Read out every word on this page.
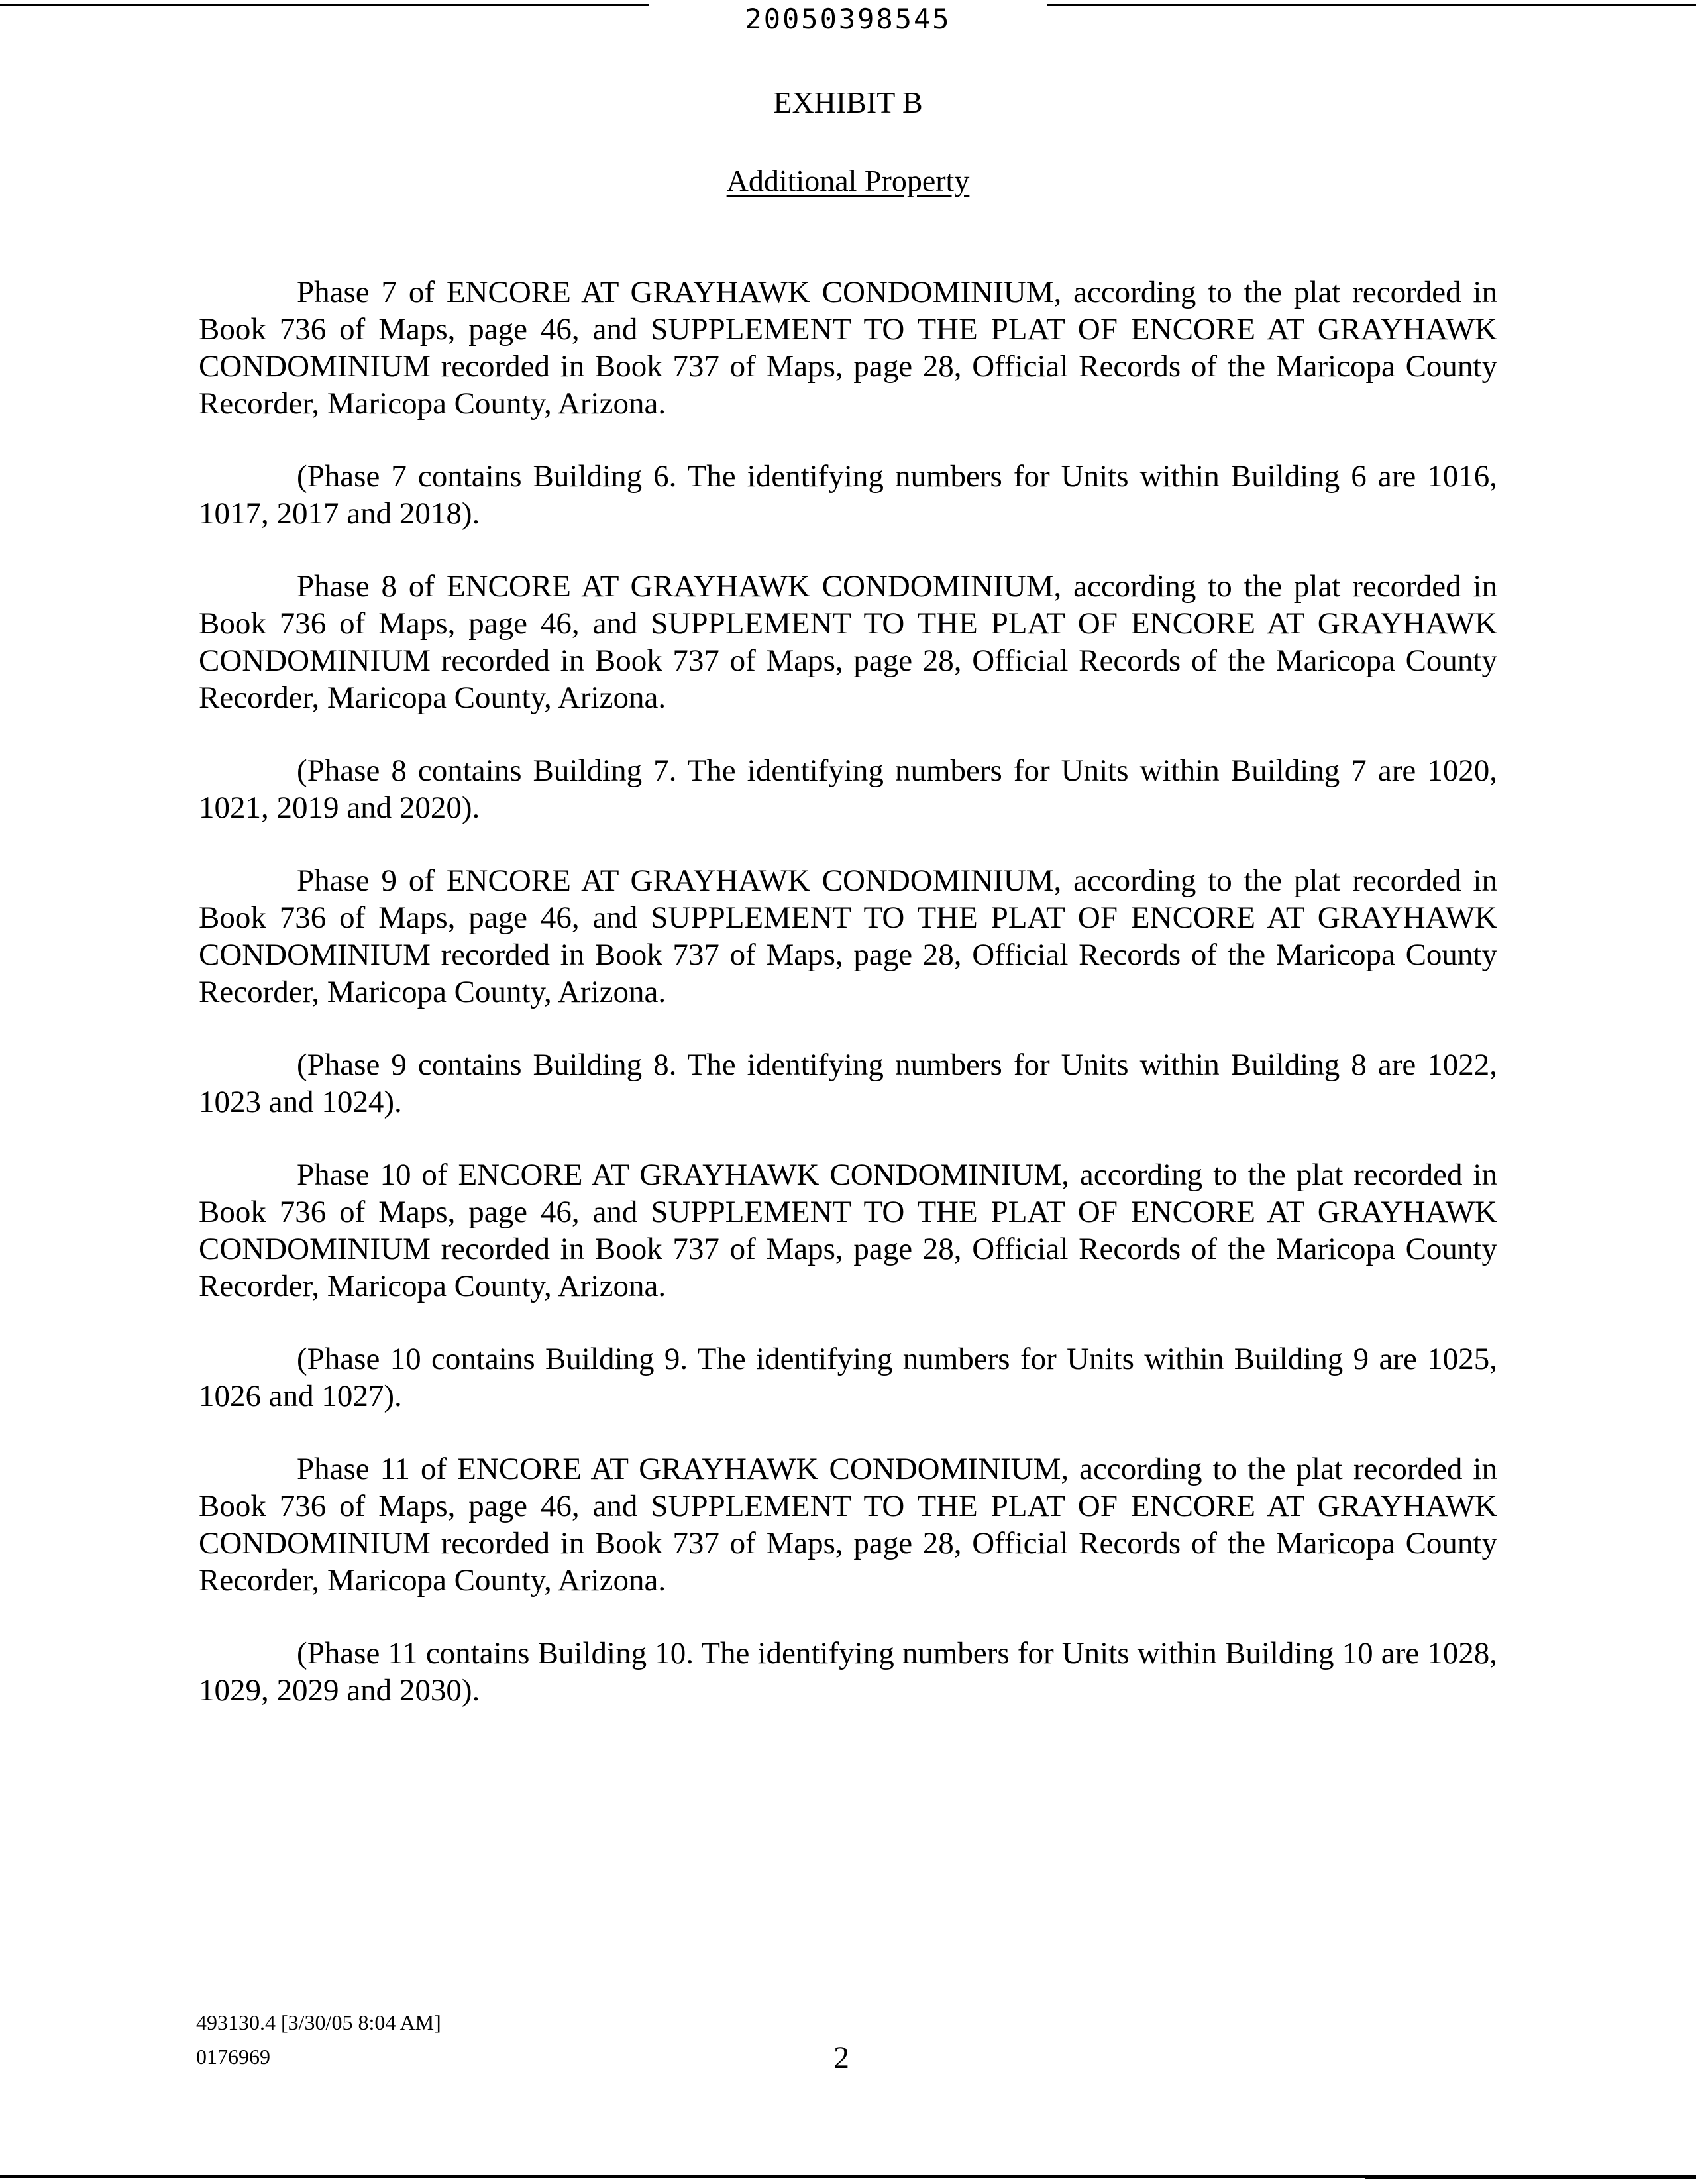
20050398545
EXHIBIT B
Additional Property

Phase 7 of ENCORE AT GRAYHAWK CONDOMINIUM, according to the plat recorded in Book 736 of Maps, page 46, and SUPPLEMENT TO THE PLAT OF ENCORE AT GRAYHAWK CONDOMINIUM recorded in Book 737 of Maps, page 28, Official Records of the Maricopa County Recorder, Maricopa County, Arizona.

(Phase 7 contains Building 6. The identifying numbers for Units within Building 6 are 1016, 1017, 2017 and 2018).

Phase 8 of ENCORE AT GRAYHAWK CONDOMINIUM, according to the plat recorded in Book 736 of Maps, page 46, and SUPPLEMENT TO THE PLAT OF ENCORE AT GRAYHAWK CONDOMINIUM recorded in Book 737 of Maps, page 28, Official Records of the Maricopa County Recorder, Maricopa County, Arizona.

(Phase 8 contains Building 7. The identifying numbers for Units within Building 7 are 1020, 1021, 2019 and 2020).

Phase 9 of ENCORE AT GRAYHAWK CONDOMINIUM, according to the plat recorded in Book 736 of Maps, page 46, and SUPPLEMENT TO THE PLAT OF ENCORE AT GRAYHAWK CONDOMINIUM recorded in Book 737 of Maps, page 28, Official Records of the Maricopa County Recorder, Maricopa County, Arizona.

(Phase 9 contains Building 8. The identifying numbers for Units within Building 8 are 1022, 1023 and 1024).

Phase 10 of ENCORE AT GRAYHAWK CONDOMINIUM, according to the plat recorded in Book 736 of Maps, page 46, and SUPPLEMENT TO THE PLAT OF ENCORE AT GRAYHAWK CONDOMINIUM recorded in Book 737 of Maps, page 28, Official Records of the Maricopa County Recorder, Maricopa County, Arizona.

(Phase 10 contains Building 9. The identifying numbers for Units within Building 9 are 1025, 1026 and 1027).

Phase 11 of ENCORE AT GRAYHAWK CONDOMINIUM, according to the plat recorded in Book 736 of Maps, page 46, and SUPPLEMENT TO THE PLAT OF ENCORE AT GRAYHAWK CONDOMINIUM recorded in Book 737 of Maps, page 28, Official Records of the Maricopa County Recorder, Maricopa County, Arizona.

(Phase 11 contains Building 10. The identifying numbers for Units within Building 10 are 1028, 1029, 2029 and 2030).

493130.4 [3/30/05 8:04 AM]
0176969	2
